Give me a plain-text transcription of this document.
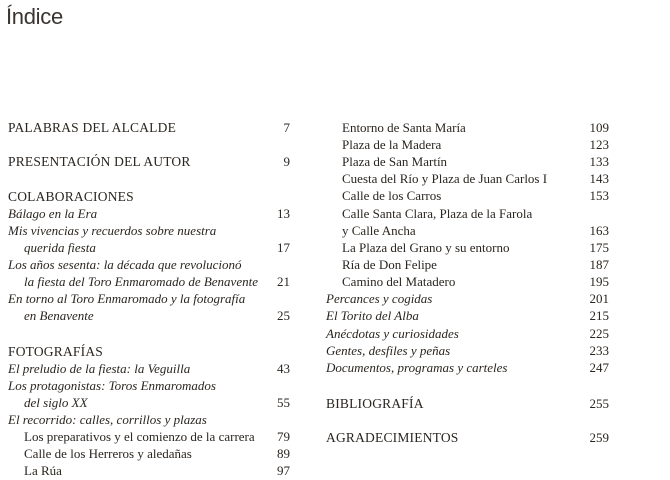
Índice
PALABRAS DEL ALCALDE	7
PRESENTACIÓN DEL AUTOR	9
COLABORACIONES
Bálago en la Era	13
Mis vivencias y recuerdos sobre nuestra
querida fiesta	17
Los años sesenta: la década que revolucionó
la fiesta del Toro Enmaromado de Benavente 21
En torno al Toro Enmaromado y la fotografía
en Benavente	25
FOTOGRAFÍAS
El preludio de la fiesta: la Veguilla	43
Los protagonistas: Toros Enmaromados
del siglo XX	55
El recorrido: calles, corrillos y plazas
Los preparativos y el comienzo de la carrera 79
Calle de los Herreros y aledañas	89
La Rúa	97
Entorno de Santa María	109
Plaza de la Madera	123
Plaza de San Martín	133
Cuesta del Río y Plaza de Juan Carlos I	143
Calle de los Carros	153
Calle Santa Clara, Plaza de la Farola
y Calle Ancha	163
La Plaza del Grano y su entorno	175
Ría de Don Felipe	187
Camino del Matadero	195
Percances y cogidas	201
El Torito del Alba	215
Anécdotas y curiosidades	225
Gentes, desfiles y peñas	233
Documentos, programas y carteles	247
BIBLIOGRAFÍA	255
AGRADECIMIENTOS	259
